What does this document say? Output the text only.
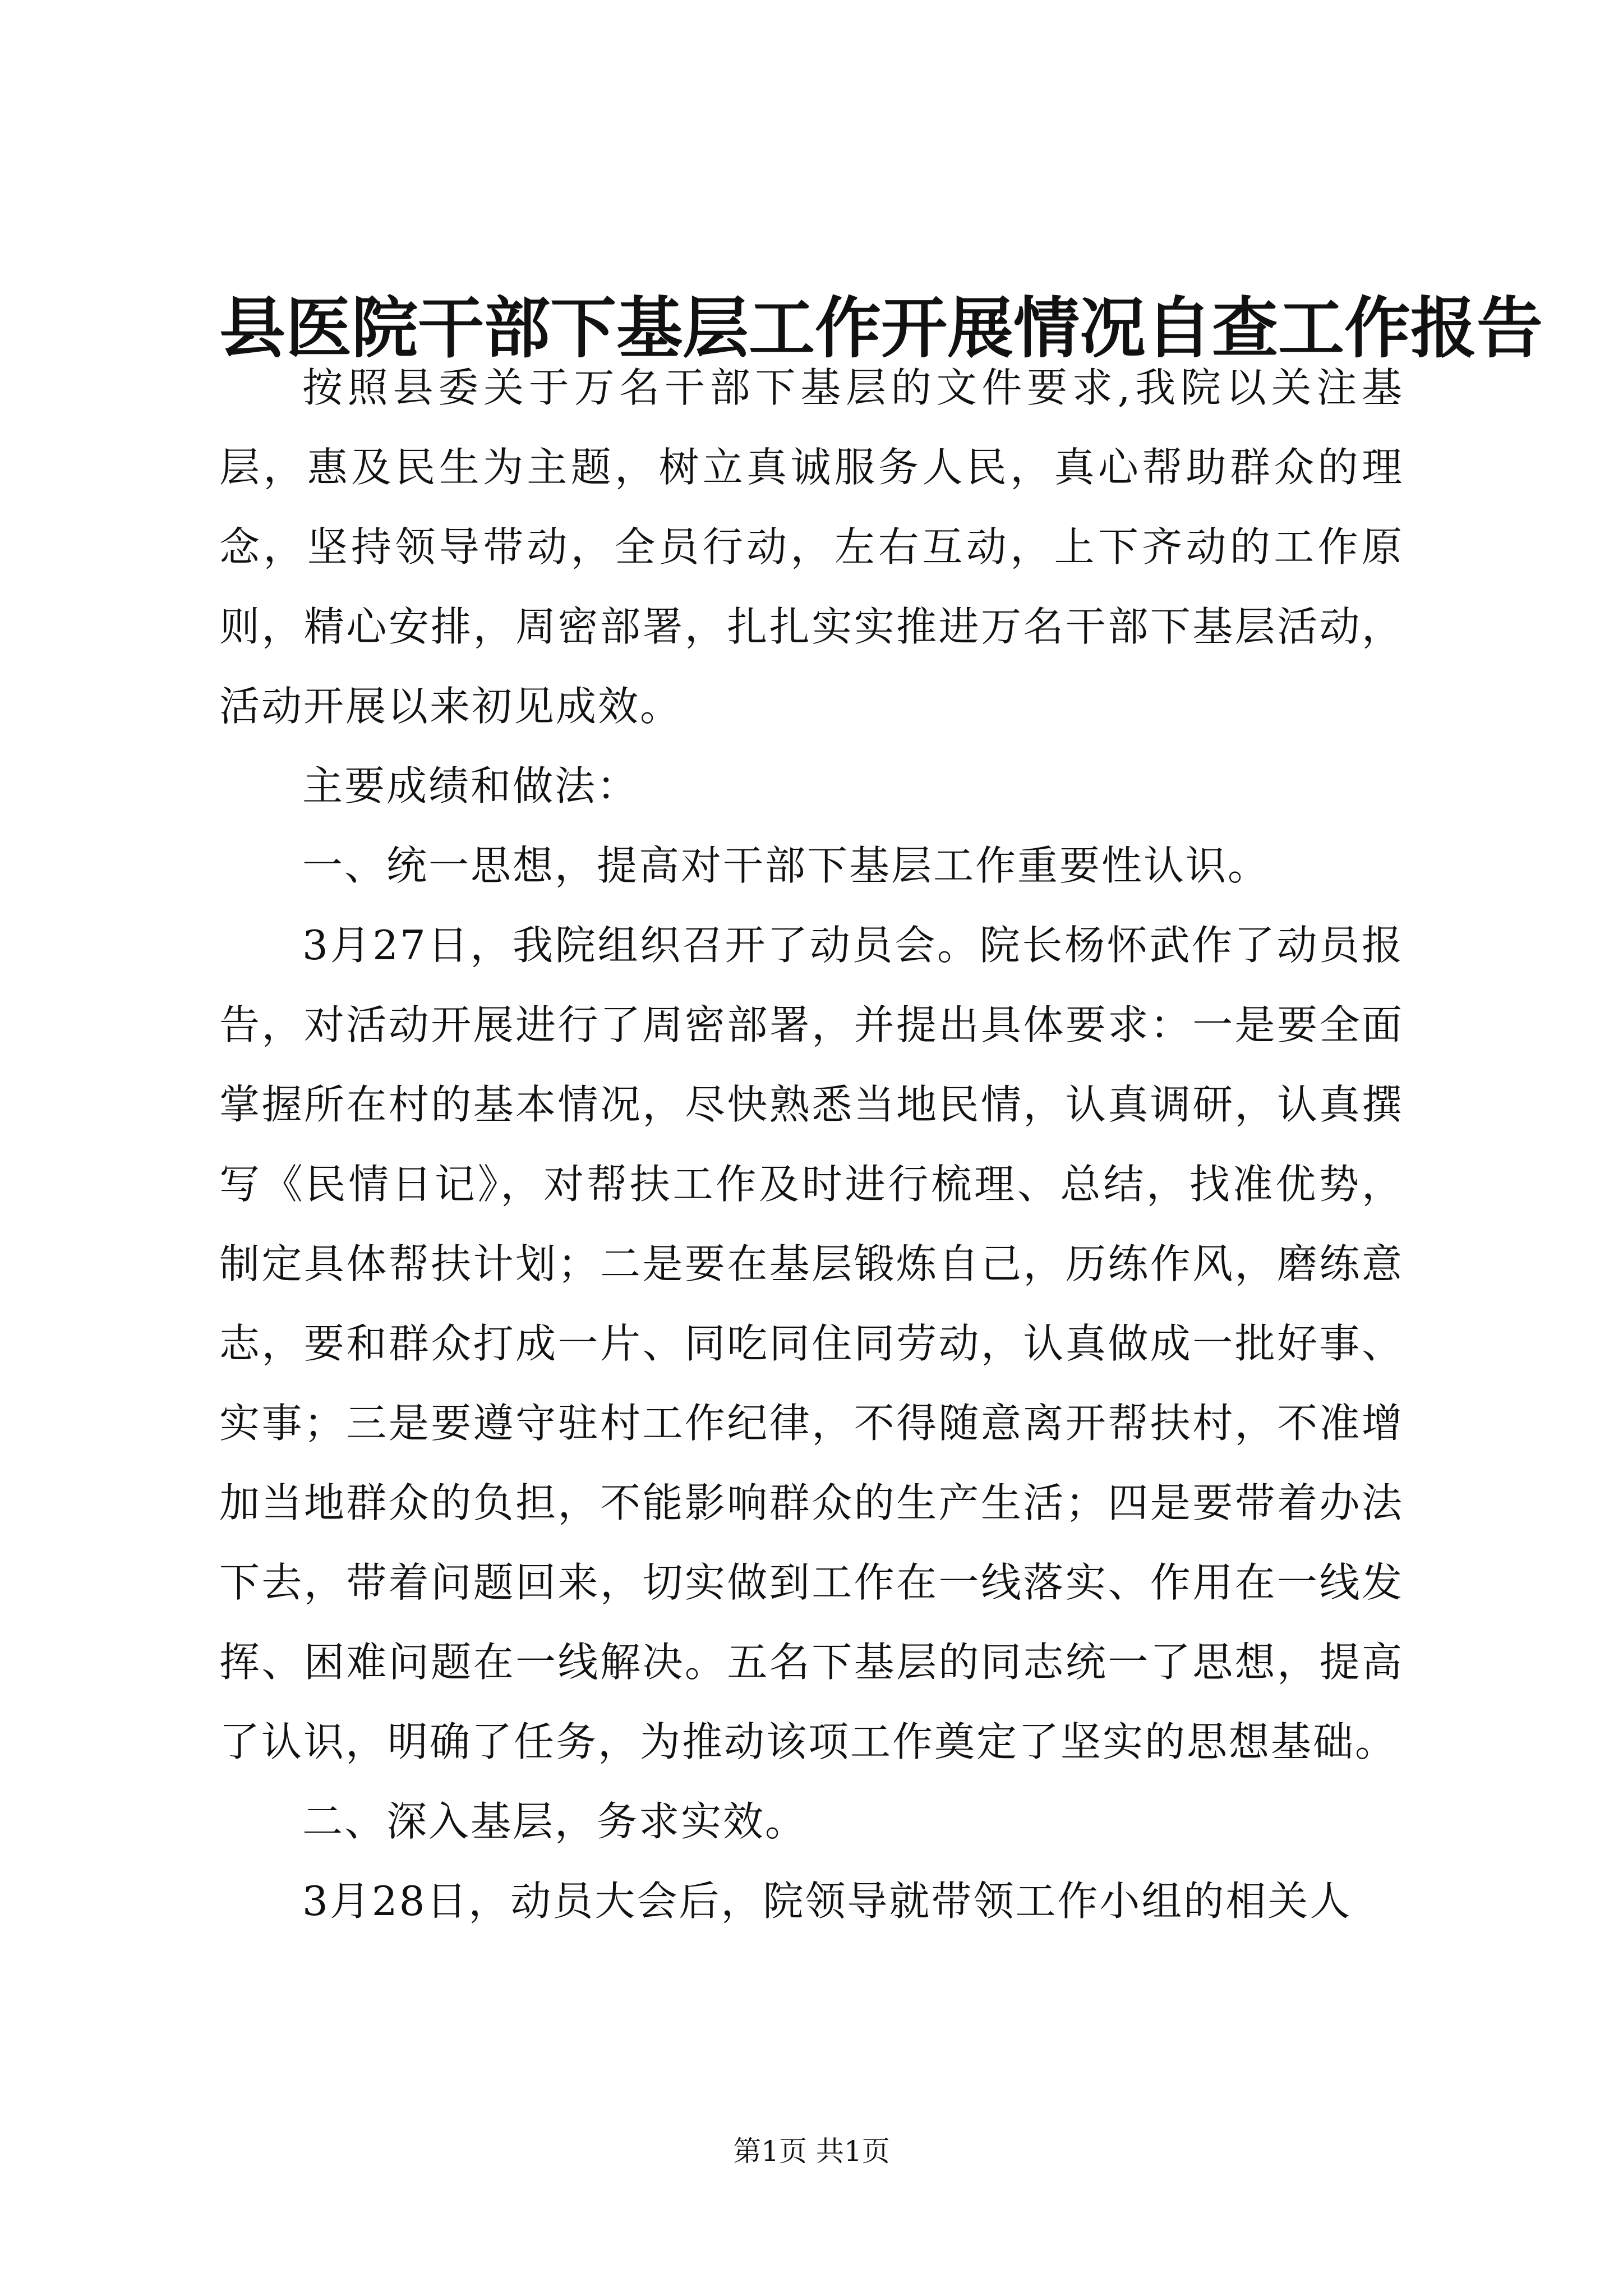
县医院干部下基层工作开展情况自查工作报告

按照县委关于万名干部下基层的文件要求,我院以关注基层，惠及民生为主题，树立真诚服务人民，真心帮助群众的理念，坚持领导带动，全员行动，左右互动，上下齐动的工作原则，精心安排，周密部署，扎扎实实推进万名干部下基层活动，活动开展以来初见成效。

主要成绩和做法：

一、统一思想，提高对干部下基层工作重要性认识。

3月27日，我院组织召开了动员会。院长杨怀武作了动员报告，对活动开展进行了周密部署，并提出具体要求：一是要全面掌握所在村的基本情况，尽快熟悉当地民情，认真调研，认真撰写《民情日记》，对帮扶工作及时进行梳理、总结，找准优势，制定具体帮扶计划；二是要在基层锻炼自己，历练作风，磨练意志，要和群众打成一片、同吃同住同劳动，认真做成一批好事、实事；三是要遵守驻村工作纪律，不得随意离开帮扶村，不准增加当地群众的负担，不能影响群众的生产生活；四是要带着办法下去，带着问题回来，切实做到工作在一线落实、作用在一线发挥、困难问题在一线解决。五名下基层的同志统一了思想，提高了认识，明确了任务，为推动该项工作奠定了坚实的思想基础。

二、深入基层，务求实效。

3月28日，动员大会后，院领导就带领工作小组的相关人

第1页 共1页
